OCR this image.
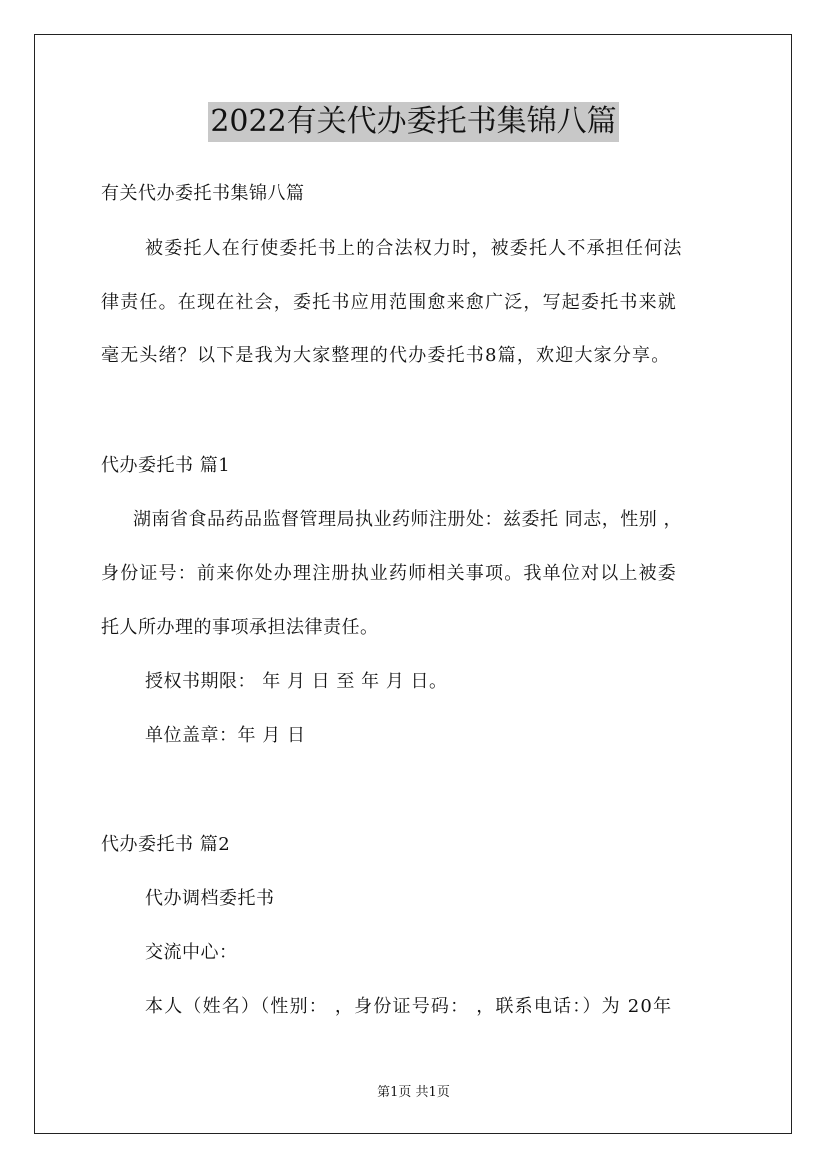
2022有关代办委托书集锦八篇
有关代办委托书集锦八篇
被委托人在行使委托书上的合法权力时，被委托人不承担任何法
律责任。在现在社会，委托书应用范围愈来愈广泛，写起委托书来就
毫无头绪？以下是我为大家整理的代办委托书8篇，欢迎大家分享。
代办委托书 篇1
湖南省食品药品监督管理局执业药师注册处：兹委托 同志，性别 ，
身份证号：前来你处办理注册执业药师相关事项。我单位对以上被委
托人所办理的事项承担法律责任。
授权书期限： 年 月 日 至 年 月 日。
单位盖章：年 月 日
代办委托书 篇2
代办调档委托书
交流中心：
本人（姓名）（性别： ，身份证号码： ，联系电话：）为 20年
第1页 共1页
